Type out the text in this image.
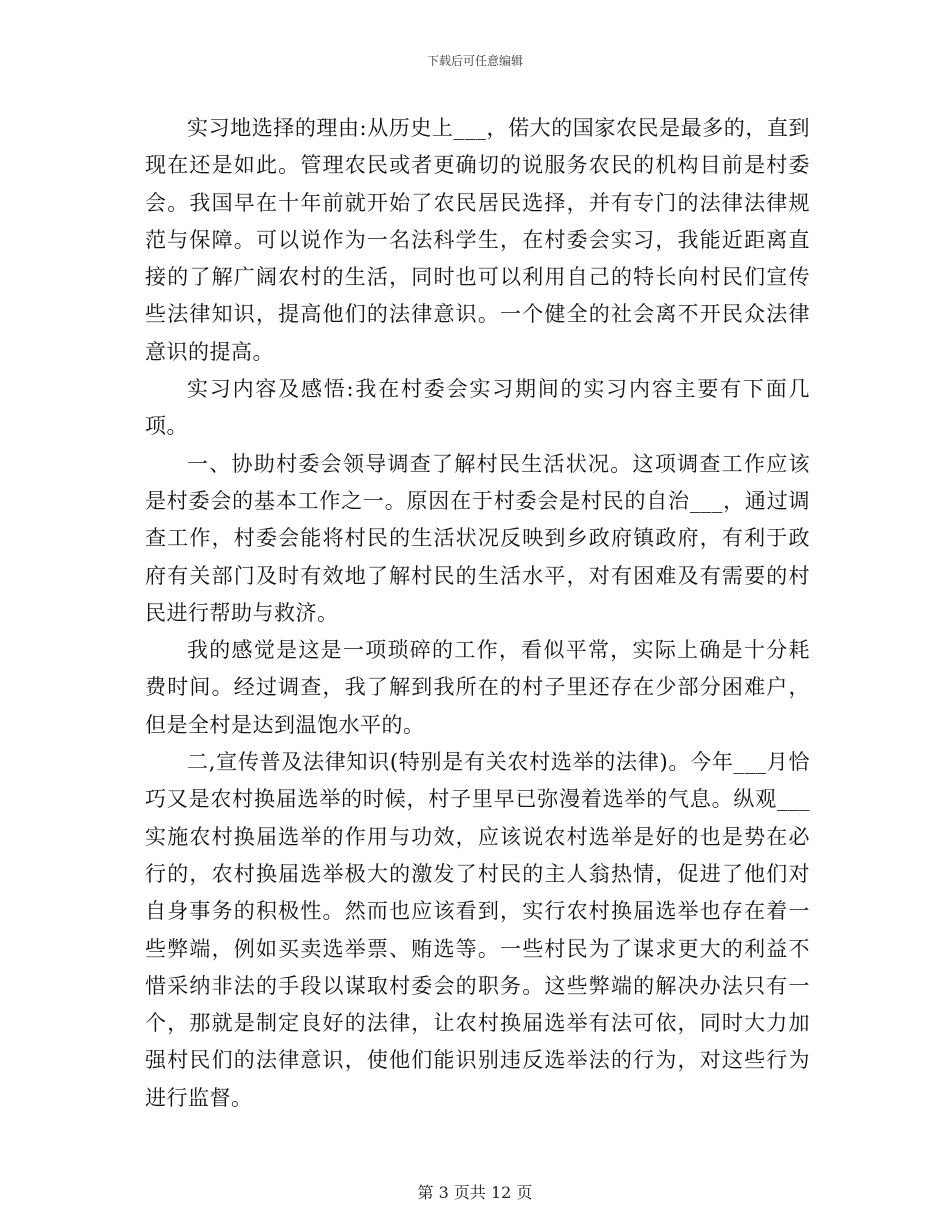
下载后可任意编辑

实习地选择的理由:从历史上___，偌大的国家农民是最多的，直到现在还是如此。管理农民或者更确切的说服务农民的机构目前是村委会。我国早在十年前就开始了农民居民选择，并有专门的法律法律规范与保障。可以说作为一名法科学生，在村委会实习，我能近距离直接的了解广阔农村的生活，同时也可以利用自己的特长向村民们宣传些法律知识，提高他们的法律意识。一个健全的社会离不开民众法律意识的提高。

实习内容及感悟:我在村委会实习期间的实习内容主要有下面几项。

一、协助村委会领导调查了解村民生活状况。这项调查工作应该是村委会的基本工作之一。原因在于村委会是村民的自治___，通过调查工作，村委会能将村民的生活状况反映到乡政府镇政府，有利于政府有关部门及时有效地了解村民的生活水平，对有困难及有需要的村民进行帮助与救济。

我的感觉是这是一项琐碎的工作，看似平常，实际上确是十分耗费时间。经过调查，我了解到我所在的村子里还存在少部分困难户，但是全村是达到温饱水平的。

二,宣传普及法律知识(特别是有关农村选举的法律)。今年___月恰巧又是农村换届选举的时候，村子里早已弥漫着选举的气息。纵观___实施农村换届选举的作用与功效，应该说农村选举是好的也是势在必行的，农村换届选举极大的激发了村民的主人翁热情，促进了他们对自身事务的积极性。然而也应该看到，实行农村换届选举也存在着一些弊端，例如买卖选举票、贿选等。一些村民为了谋求更大的利益不惜采纳非法的手段以谋取村委会的职务。这些弊端的解决办法只有一个，那就是制定良好的法律，让农村换届选举有法可依，同时大力加强村民们的法律意识，使他们能识别违反选举法的行为，对这些行为进行监督。

第 3 页共 12 页
